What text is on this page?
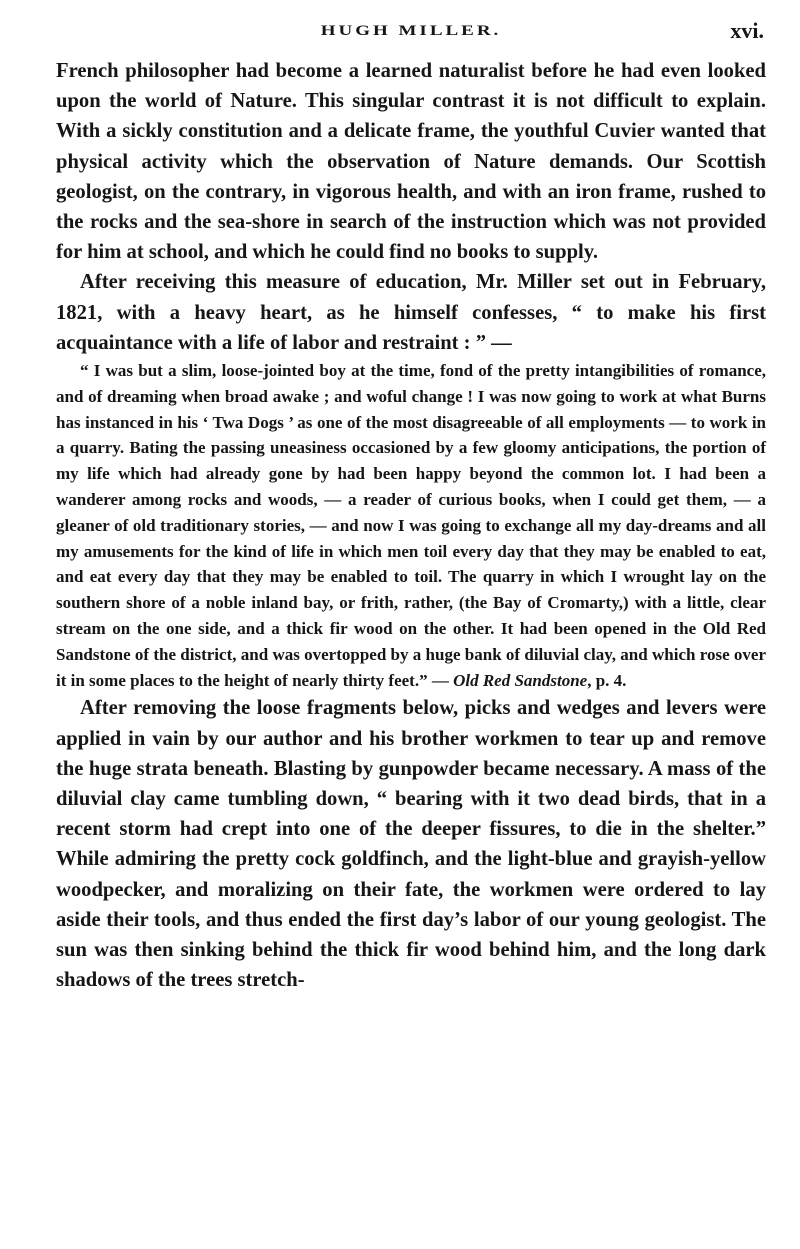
HUGH MILLER.	xvi.

French philosopher had become a learned naturalist before he had even looked upon the world of Nature. This singular contrast it is not difficult to explain. With a sickly constitution and a delicate frame, the youthful Cuvier wanted that physical activity which the observation of Nature demands. Our Scottish geologist, on the contrary, in vigorous health, and with an iron frame, rushed to the rocks and the sea-shore in search of the instruction which was not provided for him at school, and which he could find no books to supply.

After receiving this measure of education, Mr. Miller set out in February, 1821, with a heavy heart, as he himself confesses, “ to make his first acquaintance with a life of labor and restraint : ” —

“ I was but a slim, loose-jointed boy at the time, fond of the pretty intangibilities of romance, and of dreaming when broad awake ; and woful change ! I was now going to work at what Burns has instanced in his ‘ Twa Dogs ’ as one of the most disagreeable of all employments — to work in a quarry. Bating the passing uneasiness occasioned by a few gloomy anticipations, the portion of my life which had already gone by had been happy beyond the common lot. I had been a wanderer among rocks and woods, — a reader of curious books, when I could get them, — a gleaner of old traditionary stories, — and now I was going to exchange all my day-dreams and all my amusements for the kind of life in which men toil every day that they may be enabled to eat, and eat every day that they may be enabled to toil. The quarry in which I wrought lay on the southern shore of a noble inland bay, or frith, rather, (the Bay of Cromarty,) with a little, clear stream on the one side, and a thick fir wood on the other. It had been opened in the Old Red Sandstone of the district, and was overtopped by a huge bank of diluvial clay, and which rose over it in some places to the height of nearly thirty feet.” — Old Red Sandstone, p. 4.

After removing the loose fragments below, picks and wedges and levers were applied in vain by our author and his brother workmen to tear up and remove the huge strata beneath. Blasting by gunpowder became necessary. A mass of the diluvial clay came tumbling down, “ bearing with it two dead birds, that in a recent storm had crept into one of the deeper fissures, to die in the shelter.” While admiring the pretty cock goldfinch, and the light-blue and grayish-yellow woodpecker, and moralizing on their fate, the workmen were ordered to lay aside their tools, and thus ended the first day’s labor of our young geologist. The sun was then sinking behind the thick fir wood behind him, and the long dark shadows of the trees stretch-
